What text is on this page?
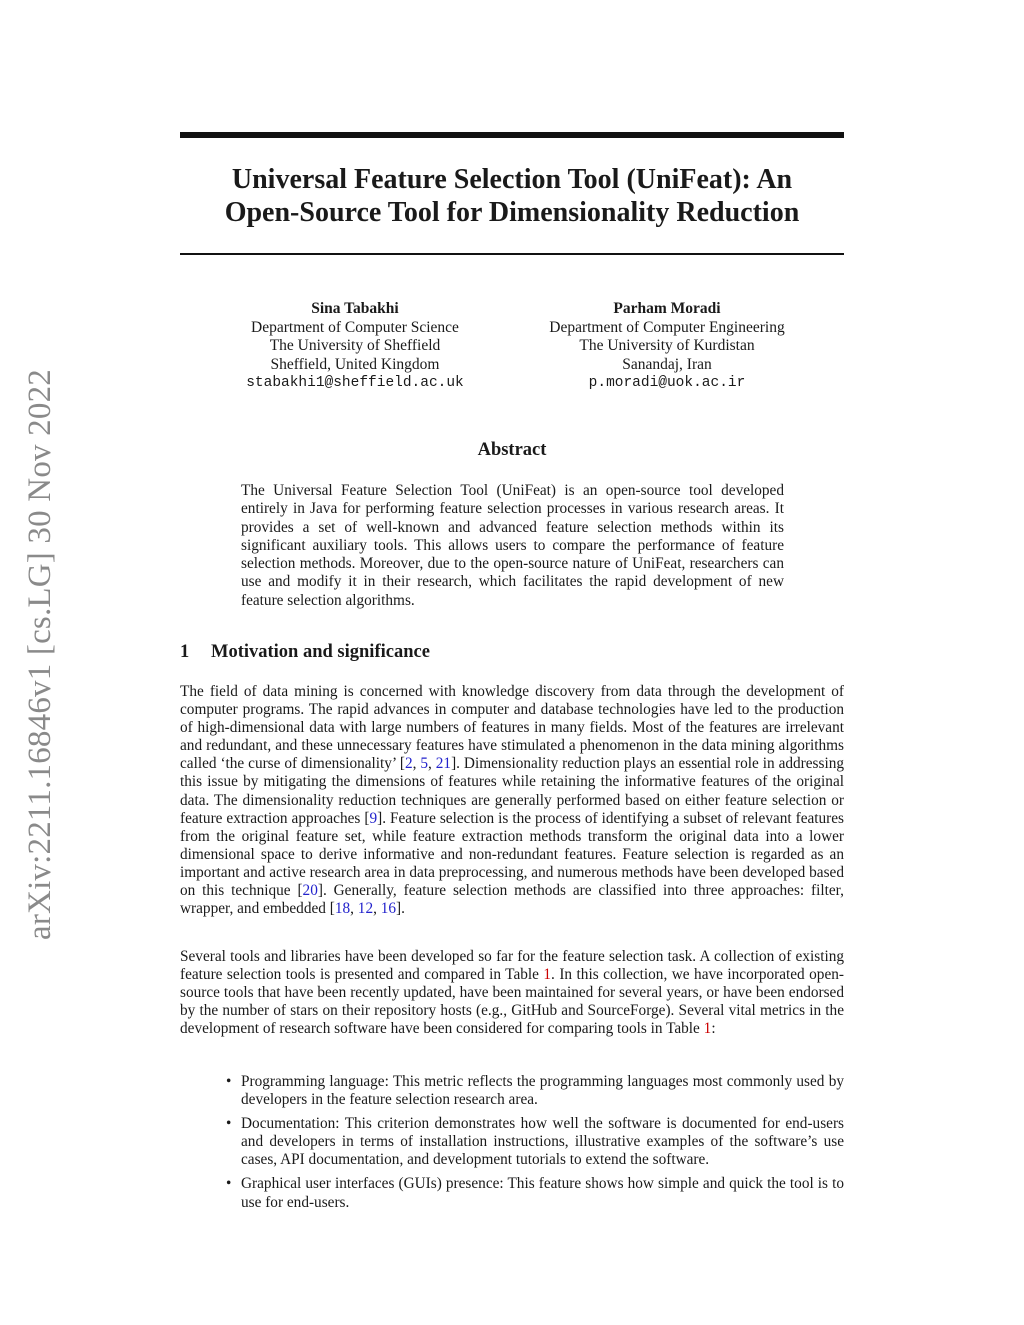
arXiv:2211.16846v1 [cs.LG] 30 Nov 2022
Universal Feature Selection Tool (UniFeat): An
Open-Source Tool for Dimensionality Reduction
Sina Tabakhi
Department of Computer Science
The University of Sheffield
Sheffield, United Kingdom
stabakhi1@sheffield.ac.uk
Parham Moradi
Department of Computer Engineering
The University of Kurdistan
Sanandaj, Iran
p.moradi@uok.ac.ir
Abstract
The Universal Feature Selection Tool (UniFeat) is an open-source tool developed entirely in Java for performing feature selection processes in various research areas. It provides a set of well-known and advanced feature selection methods within its significant auxiliary tools. This allows users to compare the performance of feature selection methods. Moreover, due to the open-source nature of UniFeat, researchers can use and modify it in their research, which facilitates the rapid development of new feature selection algorithms.
1 Motivation and significance

The field of data mining is concerned with knowledge discovery from data through the development of computer programs. The rapid advances in computer and database technologies have led to the production of high-dimensional data with large numbers of features in many fields. Most of the features are irrelevant and redundant, and these unnecessary features have stimulated a phenomenon in the data mining algorithms called ‘the curse of dimensionality’ [2, 5, 21]. Dimensionality reduction plays an essential role in addressing this issue by mitigating the dimensions of features while retaining the informative features of the original data. The dimensionality reduction techniques are generally performed based on either feature selection or feature extraction approaches [9]. Feature selection is the process of identifying a subset of relevant features from the original feature set, while feature extraction methods transform the original data into a lower dimensional space to derive informative and non-redundant features. Feature selection is regarded as an important and active research area in data preprocessing, and numerous methods have been developed based on this technique [20]. Generally, feature selection methods are classified into three approaches: filter, wrapper, and embedded [18, 12, 16].

Several tools and libraries have been developed so far for the feature selection task. A collection of existing feature selection tools is presented and compared in Table 1. In this collection, we have incorporated open-source tools that have been recently updated, have been maintained for several years, or have been endorsed by the number of stars on their repository hosts (e.g., GitHub and SourceForge). Several vital metrics in the development of research software have been considered for comparing tools in Table 1:

• Programming language: This metric reflects the programming languages most commonly used by developers in the feature selection research area.
• Documentation: This criterion demonstrates how well the software is documented for end-users and developers in terms of installation instructions, illustrative examples of the software’s use cases, API documentation, and development tutorials to extend the software.
• Graphical user interfaces (GUIs) presence: This feature shows how simple and quick the tool is to use for end-users.
